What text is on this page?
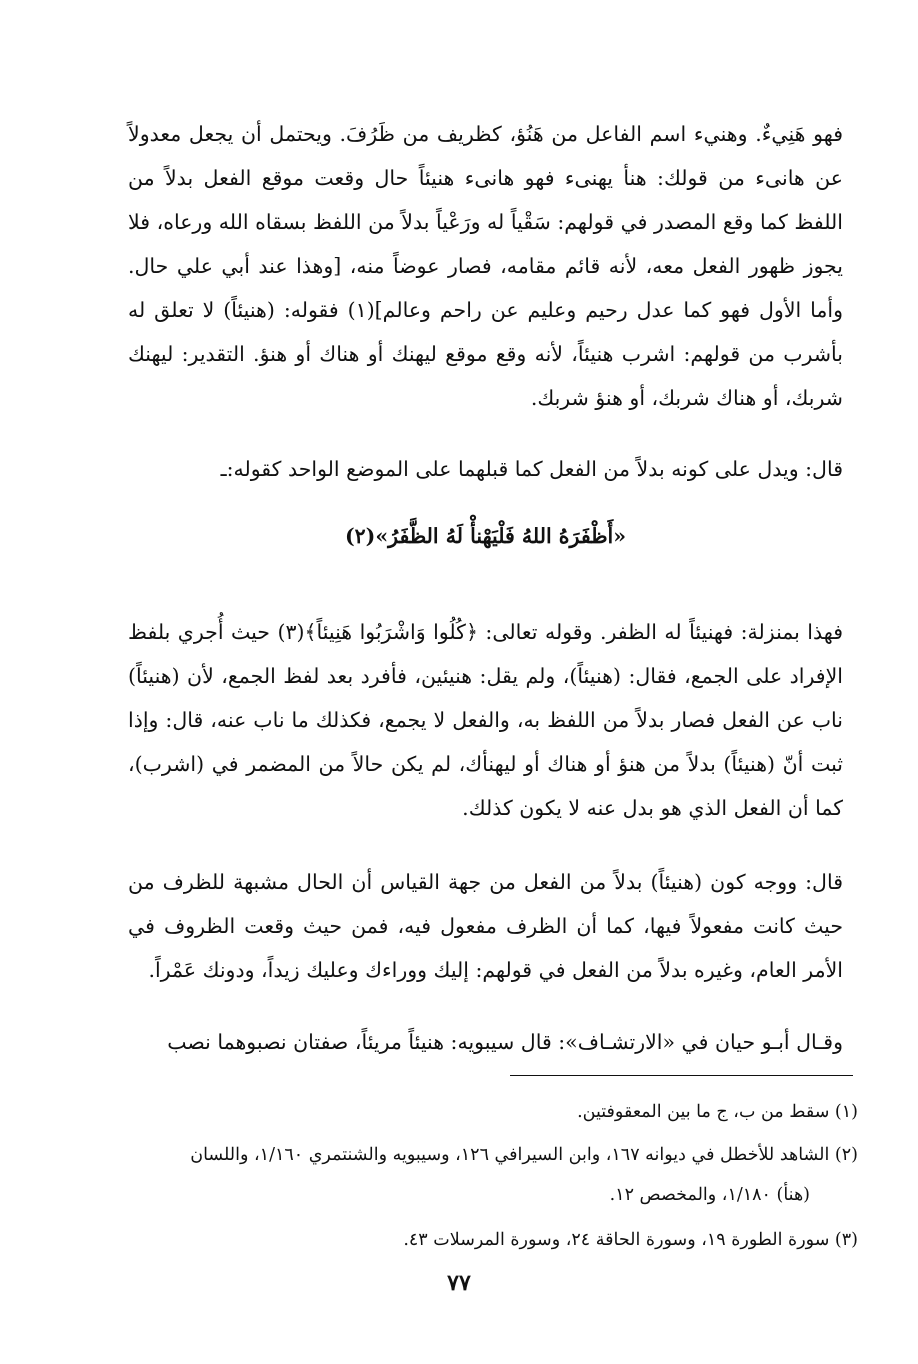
فهو هَنِيءٌ. وهنيء اسم الفاعل من هَنُؤ، كظريف من ظَرُفَ. ويحتمل أن يجعل معدولاً عن هانىء من قولك: هنأ يهنىء فهو هانىء هنيئاً حال وقعت موقع الفعل بدلاً من اللفظ كما وقع المصدر في قولهم: سَقْياً له ورَعْياً بدلاً من اللفظ بسقاه الله ورعاه، فلا يجوز ظهور الفعل معه، لأنه قائم مقامه، فصار عوضاً منه، [وهذا عند أبي علي حال. وأما الأول فهو كما عدل رحيم وعليم عن راحم وعالم](١) فقوله: (هنيئاً) لا تعلق له بأشرب من قولهم: اشرب هنيئاً، لأنه وقع موقع ليهنك أو هناك أو هنؤ. التقدير: ليهنك شربك، أو هناك شربك، أو هنؤ شربك.

قال: ويدل على كونه بدلاً من الفعل كما قبلهما على الموضع الواحد كقوله:ـ

«أَظْفَرَهُ اللهُ فَلْيَهْنأْ لَهُ الظَّفَرُ»(٢)

فهذا بمنزلة: فهنيئاً له الظفر. وقوله تعالى: ﴿كُلُوا وَاشْرَبُوا هَنِيئاً﴾(٣) حيث أُجري بلفظ الإفراد على الجمع، فقال: (هنيئاً)، ولم يقل: هنيئين، فأفرد بعد لفظ الجمع، لأن (هنيئاً) ناب عن الفعل فصار بدلاً من اللفظ به، والفعل لا يجمع، فكذلك ما ناب عنه، قال: وإذا ثبت أنّ (هنيئاً) بدلاً من هنؤ أو هناك أو ليهنأك، لم يكن حالاً من المضمر في (اشرب)، كما أن الفعل الذي هو بدل عنه لا يكون كذلك.

قال: ووجه كون (هنيئاً) بدلاً من الفعل من جهة القياس أن الحال مشبهة للظرف من حيث كانت مفعولاً فيها، كما أن الظرف مفعول فيه، فمن حيث وقعت الظروف في الأمر العام، وغيره بدلاً من الفعل في قولهم: إليك ووراءك وعليك زيداً، ودونك عَمْراً.

وقـال أبـو حيان في «الارتشـاف»: قال سيبويه: هنيئاً مريئاً، صفتان نصبوهما نصب

(١) سقط من ب، ج ما بين المعقوفتين.

(٢) الشاهد للأخطل في ديوانه ١٦٧، وابن السيرافي ١٢٦، وسيبويه والشنتمري ١/١٦٠، واللسان

(هنأ) ١/١٨٠، والمخصص ١٢.

(٣) سورة الطورة ١٩، وسورة الحاقة ٢٤، وسورة المرسلات ٤٣.

٧٧
